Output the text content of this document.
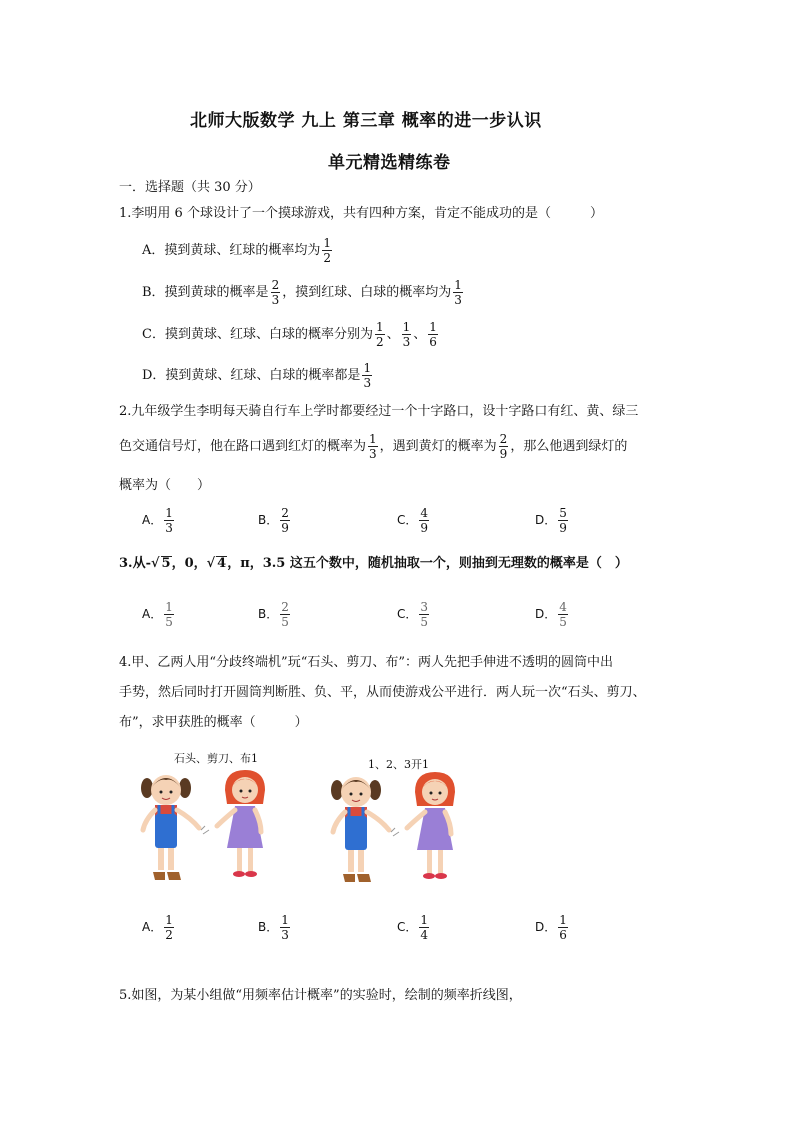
北师大版数学 九上 第三章 概率的进一步认识
单元精选精练卷
一．选择题（共 30 分）
1.李明用 6 个球设计了一个摸球游戏，共有四种方案，肯定不能成功的是（　　　）
A．摸到黄球、红球的概率均为 $\frac{1}{2}$
B．摸到黄球的概率是 $\frac{2}{3}$ ，摸到红球、白球的概率均为 $\frac{1}{3}$
C．摸到黄球、红球、白球的概率分别为 $\frac{1}{2}$ 、 $\frac{1}{3}$ 、 $\frac{1}{6}$
D．摸到黄球、红球、白球的概率都是 $\frac{1}{3}$
2.九年级学生李明每天骑自行车上学时都要经过一个十字路口，设十字路口有红、黄、绿三
色交通信号灯，他在路口遇到红灯的概率为 $\frac{1}{3}$ ，遇到黄灯的概率为 $\frac{2}{9}$ ，那么他遇到绿灯的
概率为（　　）
A． $\frac{1}{3}$	B． $\frac{2}{9}$	C． $\frac{4}{9}$	D． $\frac{5}{9}$
3.从-√ 5，0，√ 4，π，3.5 这五个数中，随机抽取一个，则抽到无理数的概率是（　）
A． $\frac{1}{5}$	B． $\frac{2}{5}$	C． $\frac{3}{5}$	D． $\frac{4}{5}$
4.甲、乙两人用“分歧终端机”玩“石头、剪刀、布”：两人先把手伸进不透明的圆筒中出
手势，然后同时打开圆筒判断胜、负、平，从而使游戏公平进行．两人玩一次“石头、剪刀、
布”，求甲获胜的概率（　　　）
石头、剪刀、布1	1、2、3开1
A． $\frac{1}{2}$	B． $\frac{1}{3}$	C． $\frac{1}{4}$	D． $\frac{1}{6}$
5.如图，为某小组做“用频率估计概率”的实验时，绘制的频率折线图，
